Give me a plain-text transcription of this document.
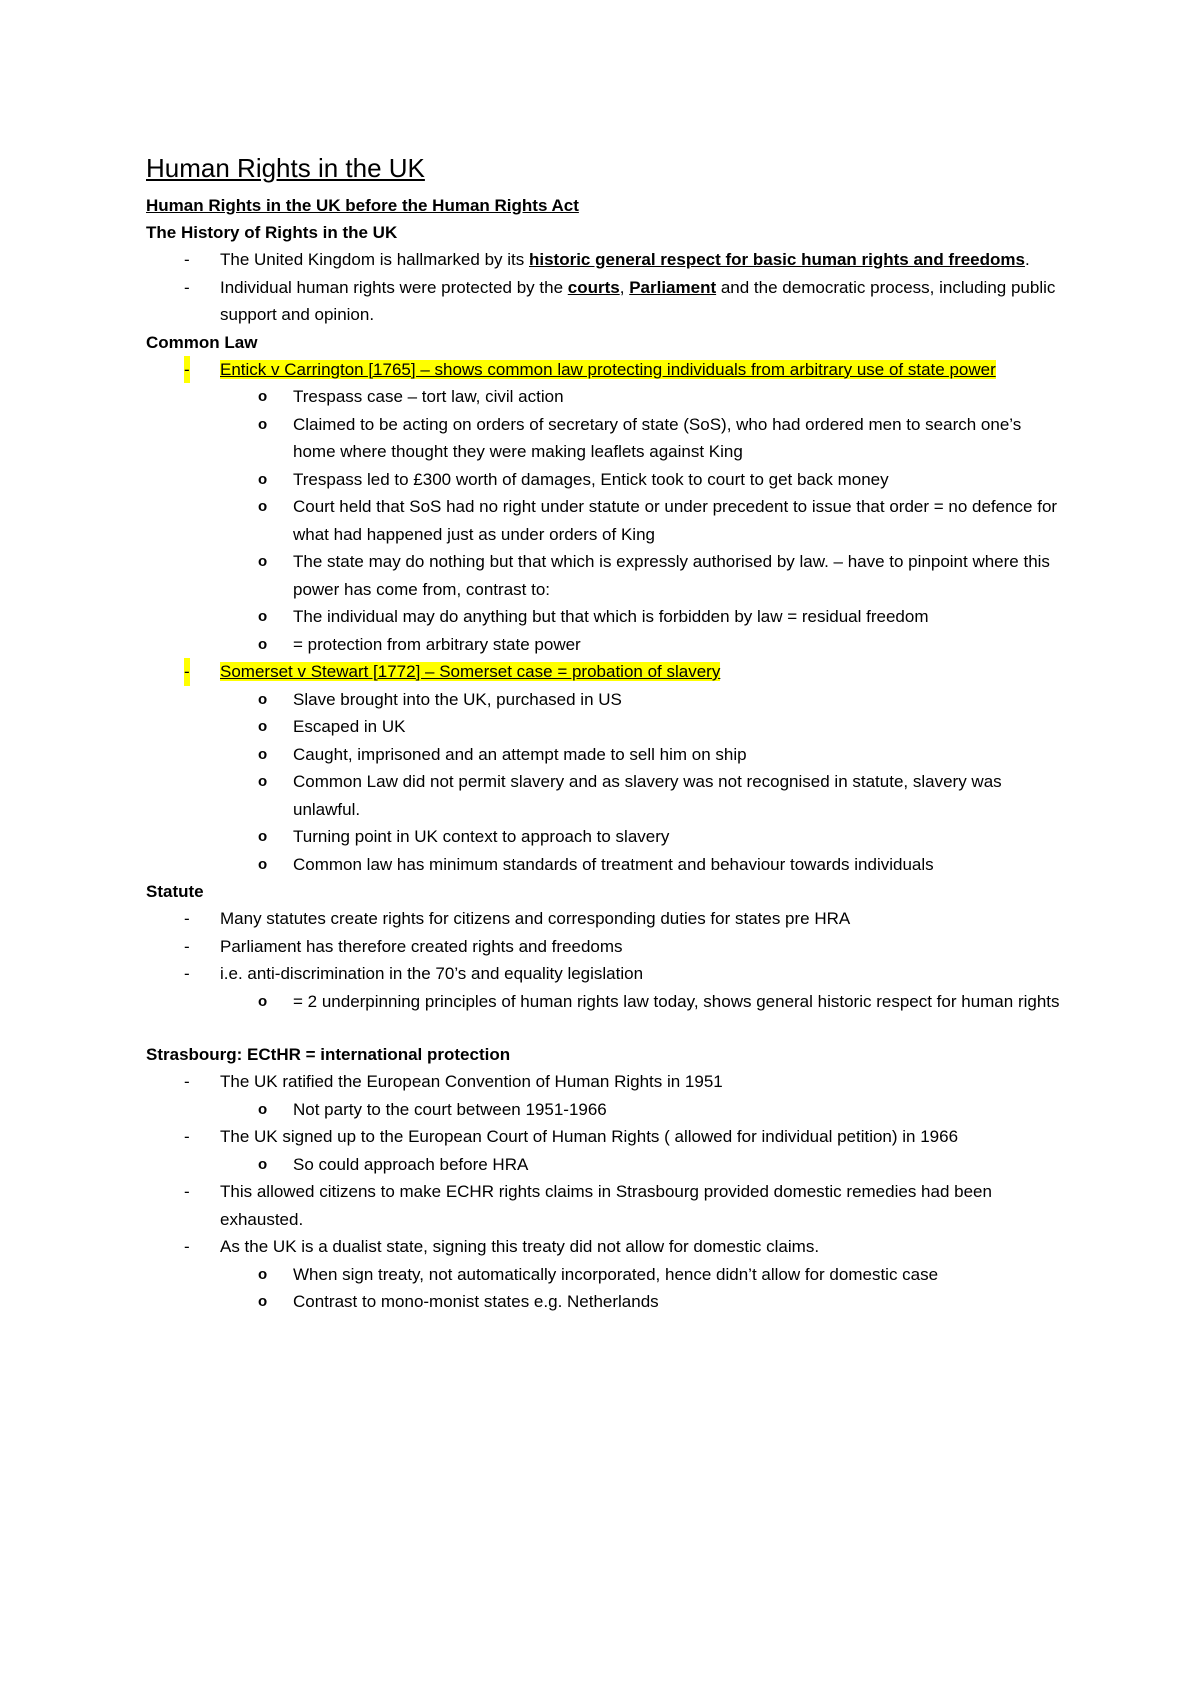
Human Rights in the UK
Human Rights in the UK before the Human Rights Act
The History of Rights in the UK
- The United Kingdom is hallmarked by its historic general respect for basic human rights and freedoms.
- Individual human rights were protected by the courts, Parliament and the democratic process, including public support and opinion.
Common Law
- Entick v Carrington [1765] – shows common law protecting individuals from arbitrary use of state power
o Trespass case – tort law, civil action
o Claimed to be acting on orders of secretary of state (SoS), who had ordered men to search one’s home where thought they were making leaflets against King
o Trespass led to £300 worth of damages, Entick took to court to get back money
o Court held that SoS had no right under statute or under precedent to issue that order = no defence for what had happened just as under orders of King
o The state may do nothing but that which is expressly authorised by law. – have to pinpoint where this power has come from, contrast to:
o The individual may do anything but that which is forbidden by law = residual freedom
o = protection from arbitrary state power
- Somerset v Stewart [1772] – Somerset case = probation of slavery
o Slave brought into the UK, purchased in US
o Escaped in UK
o Caught, imprisoned and an attempt made to sell him on ship
o Common Law did not permit slavery and as slavery was not recognised in statute, slavery was unlawful.
o Turning point in UK context to approach to slavery
o Common law has minimum standards of treatment and behaviour towards individuals
Statute
- Many statutes create rights for citizens and corresponding duties for states pre HRA
- Parliament has therefore created rights and freedoms
- i.e. anti-discrimination in the 70’s and equality legislation
o = 2 underpinning principles of human rights law today, shows general historic respect for human rights
Strasbourg: ECtHR = international protection
- The UK ratified the European Convention of Human Rights in 1951
o Not party to the court between 1951-1966
- The UK signed up to the European Court of Human Rights ( allowed for individual petition) in 1966
o So could approach before HRA
- This allowed citizens to make ECHR rights claims in Strasbourg provided domestic remedies had been exhausted.
- As the UK is a dualist state, signing this treaty did not allow for domestic claims.
o When sign treaty, not automatically incorporated, hence didn’t allow for domestic case
o Contrast to mono-monist states e.g. Netherlands
